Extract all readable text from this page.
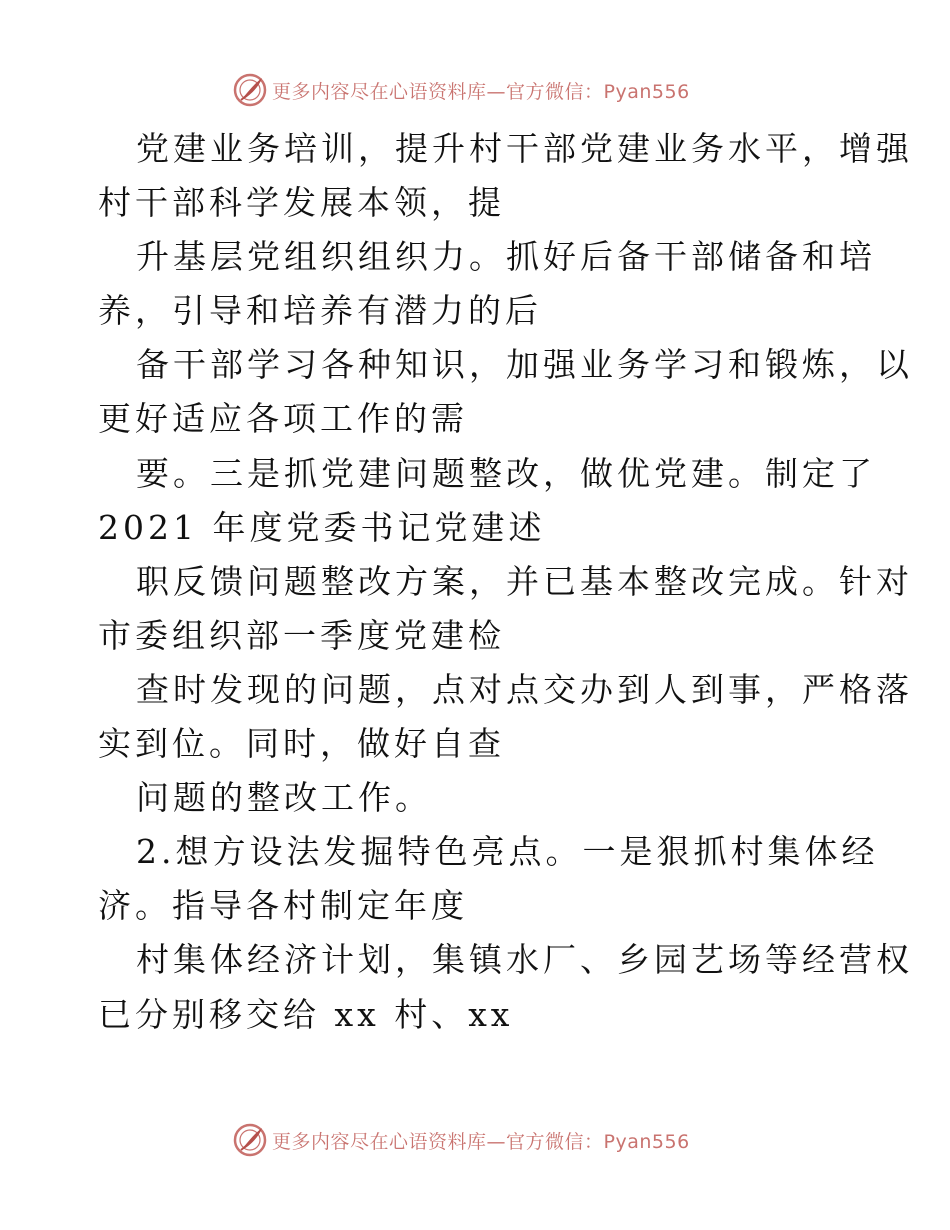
更多内容尽在心语资料库—官方微信：Pyan556
党建业务培训，提升村干部党建业务水平，增强
村干部科学发展本领，提
升基层党组织组织力。抓好后备干部储备和培
养，引导和培养有潜力的后
备干部学习各种知识，加强业务学习和锻炼，以
更好适应各项工作的需
要。三是抓党建问题整改，做优党建。制定了
2021 年度党委书记党建述
职反馈问题整改方案，并已基本整改完成。针对
市委组织部一季度党建检
查时发现的问题，点对点交办到人到事，严格落
实到位。同时，做好自查
问题的整改工作。
2.想方设法发掘特色亮点。一是狠抓村集体经
济。指导各村制定年度
村集体经济计划，集镇水厂、乡园艺场等经营权
已分别移交给 xx 村、xx
更多内容尽在心语资料库—官方微信：Pyan556
